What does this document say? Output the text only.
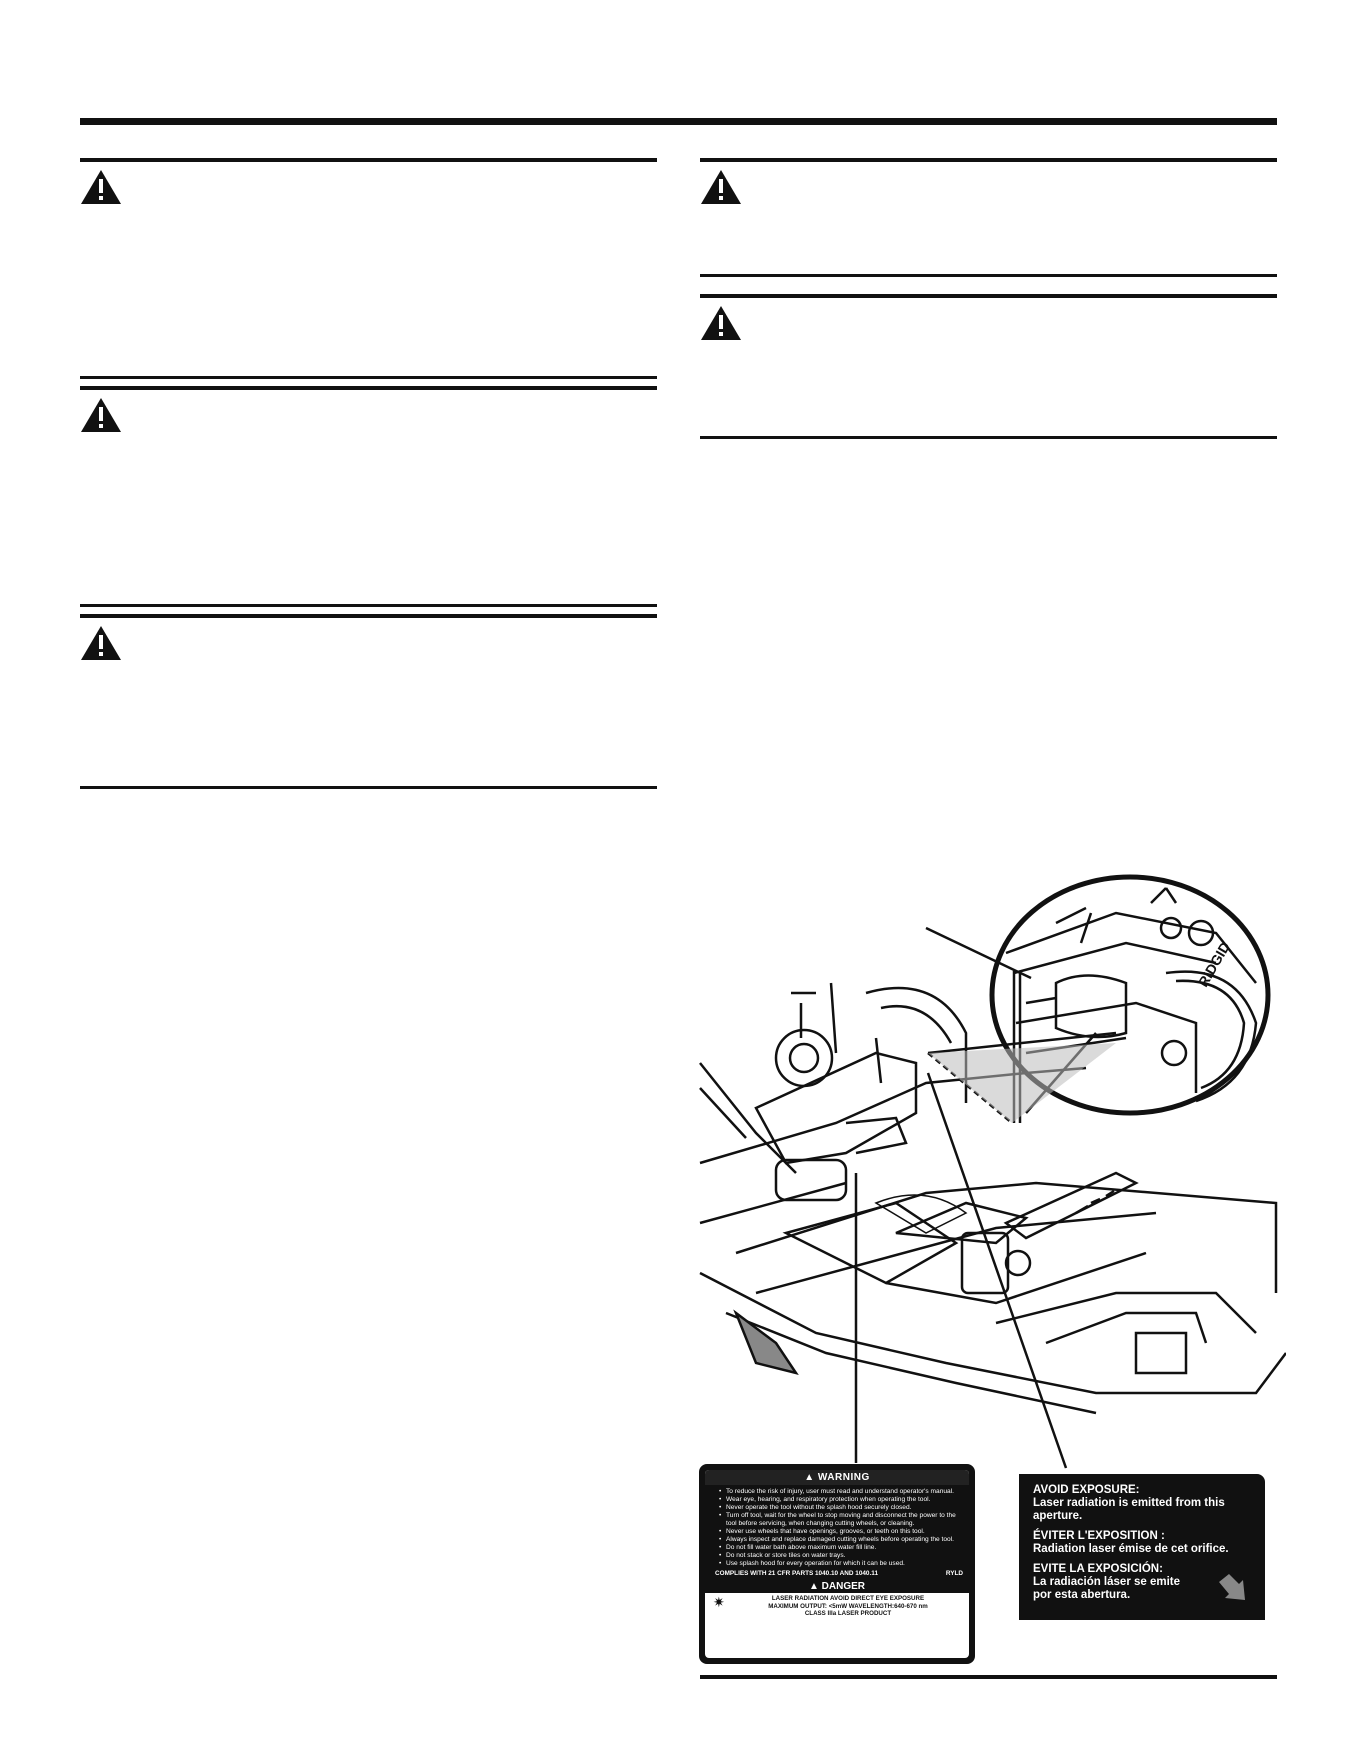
RIDGID
▲ WARNING
• To reduce the risk of injury, user must read and understand operator's manual.
• Wear eye, hearing, and respiratory protection when operating the tool.
• Never operate the tool without the splash hood securely closed.
• Turn off tool, wait for the wheel to stop moving and disconnect the power to the tool before servicing, when changing cutting wheels, or cleaning.
• Never use wheels that have openings, grooves, or teeth on this tool.
• Always inspect and replace damaged cutting wheels before operating the tool.
• Do not fill water bath above maximum water fill line.
• Do not stack or store tiles on water trays.
• Use splash hood for every operation for which it can be used.
COMPLIES WITH 21 CFR PARTS 1040.10 AND 1040.11	RYLD
▲ DANGER
✷	LASER RADIATION AVOID DIRECT EYE EXPOSURE
MAXIMUM OUTPUT: <5mW WAVELENGTH:640-670 nm
CLASS IIIa LASER PRODUCT

AVOID EXPOSURE:
Laser radiation is emitted from this aperture.

ÉVITER L'EXPOSITION :
Radiation laser émise de cet orifice.

EVITE LA EXPOSICIÓN:
La radiación láser se emite por esta abertura.
